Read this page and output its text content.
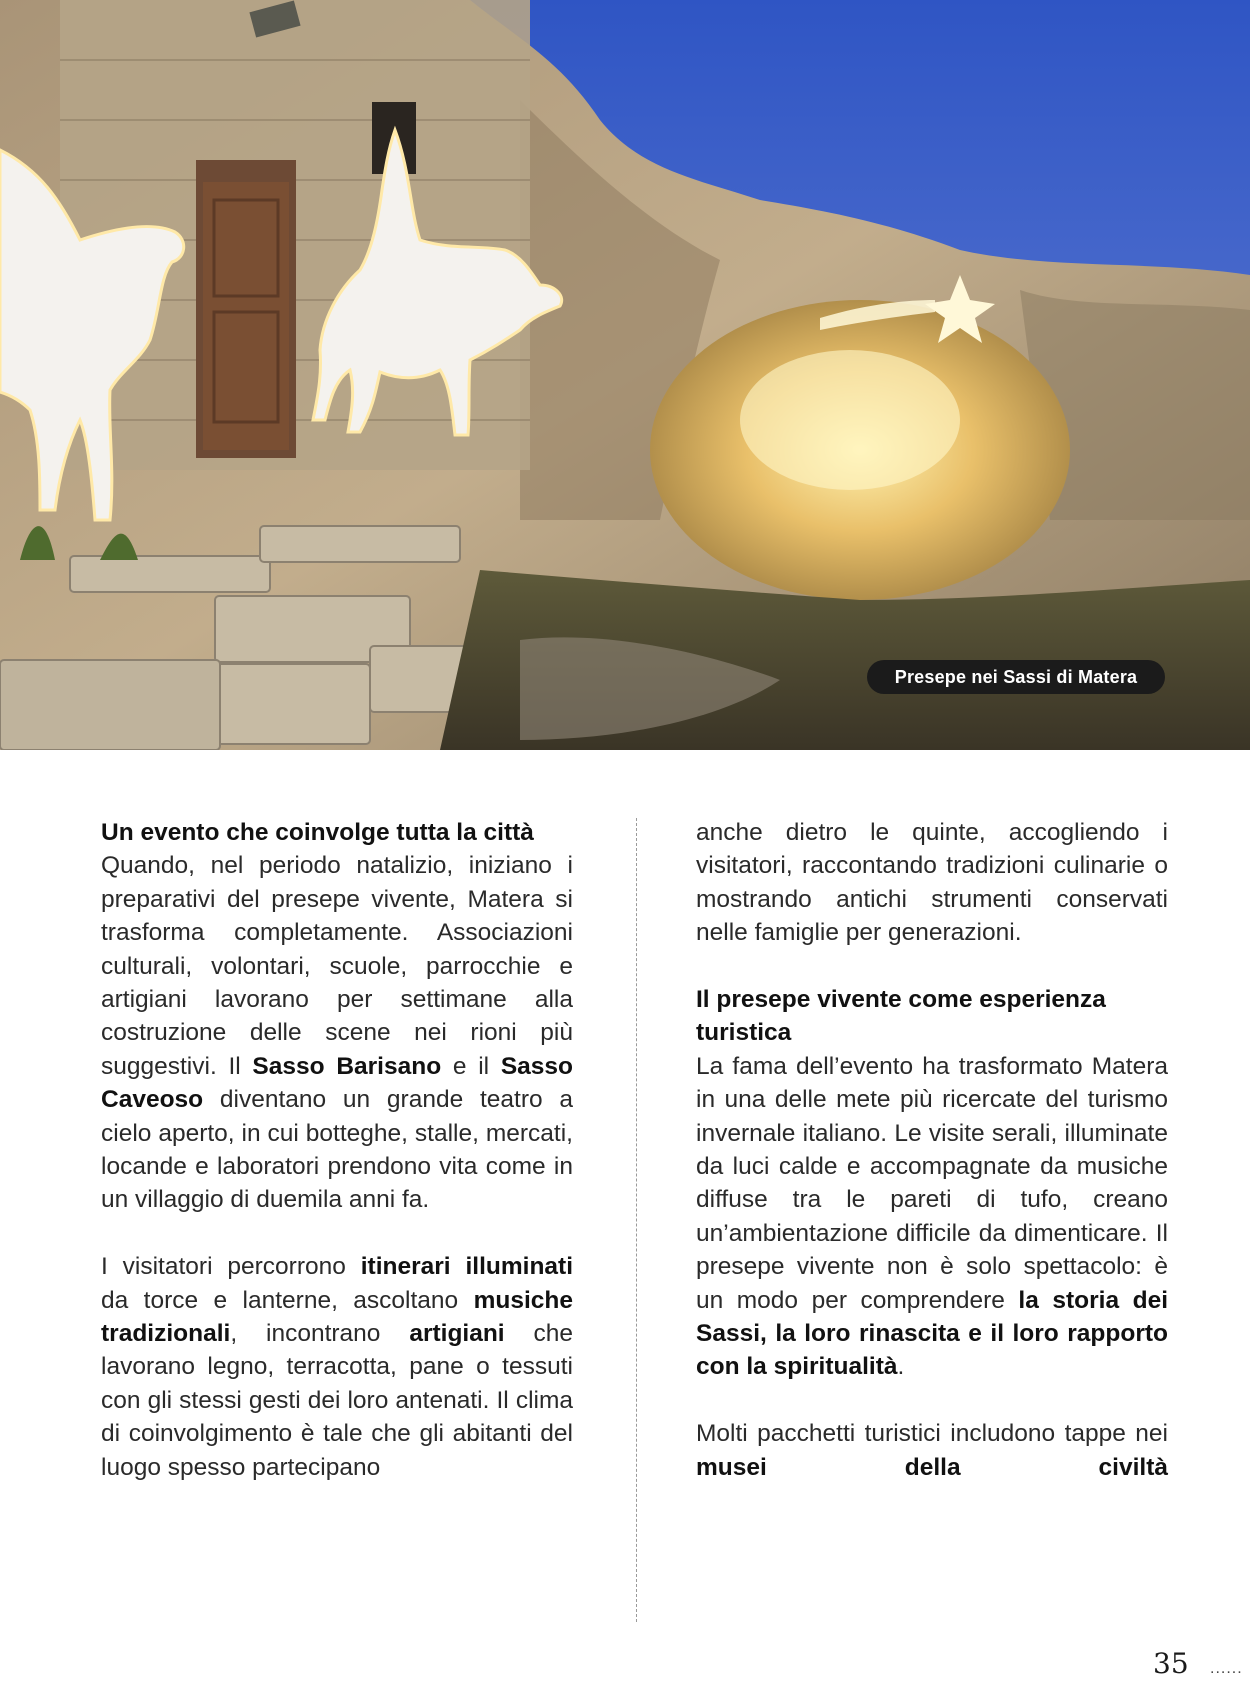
Presepe nei Sassi di Matera
Un evento che coinvolge tutta la città

Quando, nel periodo natalizio, iniziano i preparativi del presepe vivente, Matera si trasforma completamente. Associazioni culturali, volontari, scuole, parrocchie e artigiani lavorano per settimane alla costruzione delle scene nei rioni più suggestivi. Il Sasso Barisano e il Sasso Caveoso diventano un grande teatro a cielo aperto, in cui botteghe, stalle, mercati, locande e laboratori prendono vita come in un villaggio di duemila anni fa.

I visitatori percorrono itinerari illuminati da torce e lanterne, ascoltano musiche tradizionali, incontrano artigiani che lavorano legno, terracotta, pane o tessuti con gli stessi gesti dei loro antenati. Il clima di coinvolgimento è tale che gli abitanti del luogo spesso partecipano

anche dietro le quinte, accogliendo i visitatori, raccontando tradizioni culinarie o mostrando antichi strumenti conservati nelle famiglie per generazioni.

Il presepe vivente come esperienza turistica

La fama dell’evento ha trasformato Matera in una delle mete più ricercate del turismo invernale italiano. Le visite serali, illuminate da luci calde e accompagnate da musiche diffuse tra le pareti di tufo, creano un’ambientazione difficile da dimenticare. Il presepe vivente non è solo spettacolo: è un modo per comprendere la storia dei Sassi, la loro rinascita e il loro rapporto con la spiritualità.

Molti pacchetti turistici includono tappe nei musei della civiltà

35 ......
